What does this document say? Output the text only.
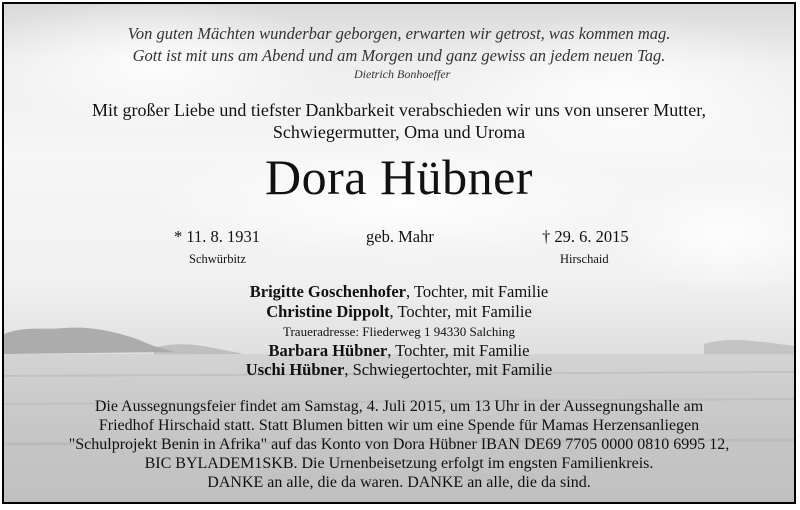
Von guten Mächten wunderbar geborgen, erwarten wir getrost, was kommen mag.
Gott ist mit uns am Abend und am Morgen und ganz gewiss an jedem neuen Tag.
Dietrich Bonhoeffer
Mit großer Liebe und tiefster Dankbarkeit verabschieden wir uns von unserer Mutter,
Schwiegermutter, Oma und Uroma
Dora Hübner
* 11. 8. 1931
Schwürbitz
geb. Mahr	† 29. 6. 2015
Hirschaid
Brigitte Goschenhofer, Tochter, mit Familie
Christine Dippolt, Tochter, mit Familie
Traueradresse: Fliederweg 1 94330 Salching
Barbara Hübner, Tochter, mit Familie
Uschi Hübner, Schwiegertochter, mit Familie
Die Aussegnungsfeier findet am Samstag, 4. Juli 2015, um 13 Uhr in der Aussegnungshalle am
Friedhof Hirschaid statt. Statt Blumen bitten wir um eine Spende für Mamas Herzensanliegen
"Schulprojekt Benin in Afrika" auf das Konto von Dora Hübner IBAN DE69 7705 0000 0810 6995 12,
BIC BYLADEM1SKB. Die Urnenbeisetzung erfolgt im engsten Familienkreis.
DANKE an alle, die da waren. DANKE an alle, die da sind.
